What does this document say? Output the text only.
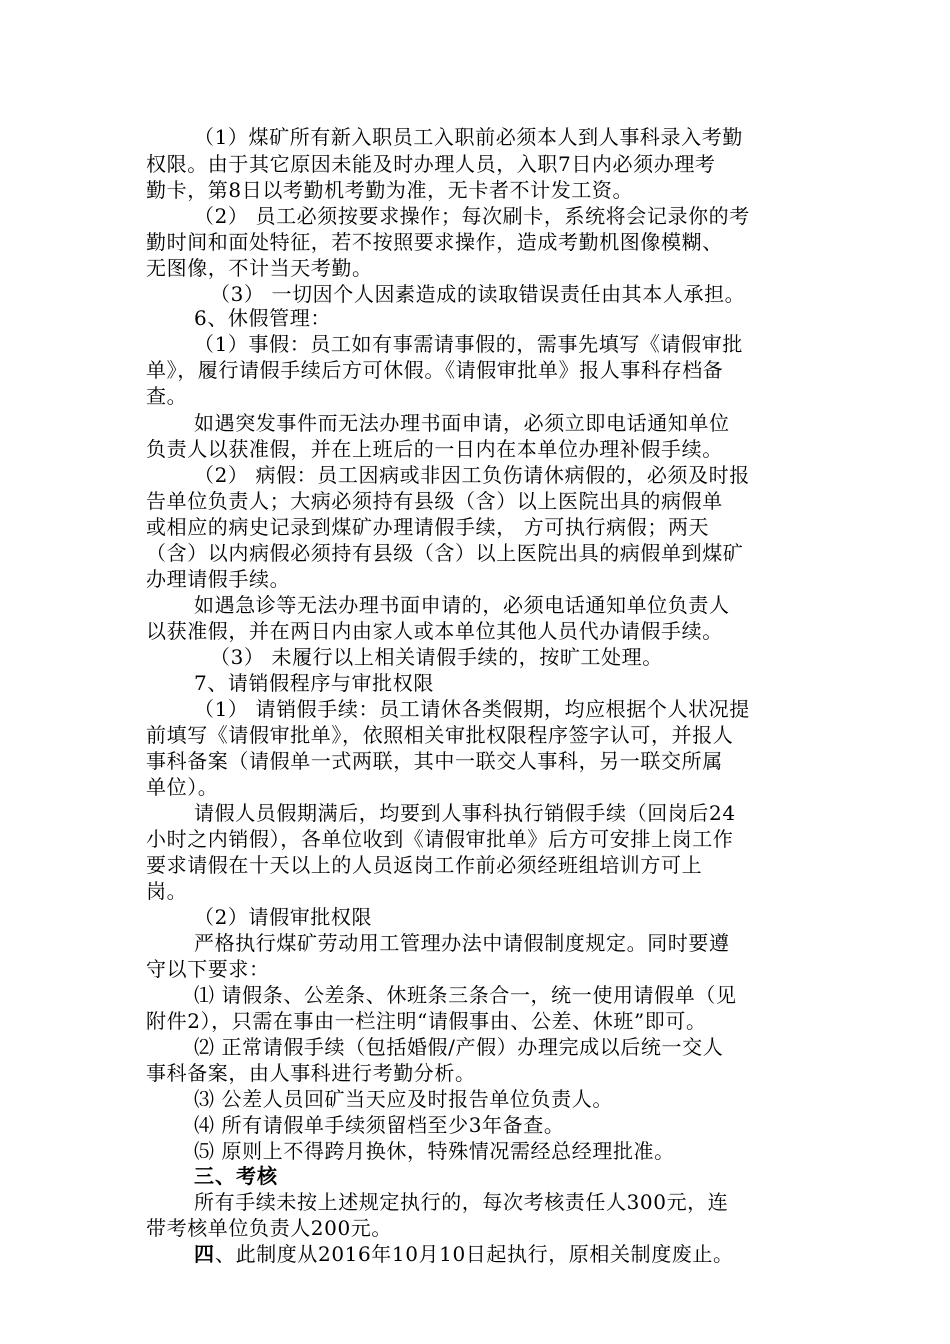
（1）煤矿所有新入职员工入职前必须本人到人事科录入考勤
权限。由于其它原因未能及时办理人员，入职7日内必须办理考
勤卡，第8日以考勤机考勤为准，无卡者不计发工资。
（2） 员工必须按要求操作；每次刷卡，系统将会记录你的考
勤时间和面处特征，若不按照要求操作，造成考勤机图像模糊、
无图像，不计当天考勤。
（3） 一切因个人因素造成的读取错误责任由其本人承担。
6、休假管理：
（1）事假：员工如有事需请事假的，需事先填写《请假审批
单》，履行请假手续后方可休假。《请假审批单》报人事科存档备
查。
如遇突发事件而无法办理书面申请，必须立即电话通知单位
负责人以获准假，并在上班后的一日内在本单位办理补假手续。
（2） 病假：员工因病或非因工负伤请休病假的，必须及时报
告单位负责人；大病必须持有县级（含）以上医院出具的病假单
或相应的病史记录到煤矿办理请假手续， 方可执行病假；两天
（含）以内病假必须持有县级（含）以上医院出具的病假单到煤矿
办理请假手续。
如遇急诊等无法办理书面申请的，必须电话通知单位负责人
以获准假，并在两日内由家人或本单位其他人员代办请假手续。
（3） 未履行以上相关请假手续的，按旷工处理。
7、请销假程序与审批权限
（1） 请销假手续：员工请休各类假期，均应根据个人状况提
前填写《请假审批单》，依照相关审批权限程序签字认可，并报人
事科备案（请假单一式两联，其中一联交人事科，另一联交所属
单位）。
请假人员假期满后，均要到人事科执行销假手续（回岗后24
小时之内销假），各单位收到《请假审批单》后方可安排上岗工作
要求请假在十天以上的人员返岗工作前必须经班组培训方可上
岗。
（2）请假审批权限
严格执行煤矿劳动用工管理办法中请假制度规定。同时要遵
守以下要求：
⑴ 请假条、公差条、休班条三条合一，统一使用请假单（见
附件2），只需在事由一栏注明“请假事由、公差、休班”即可。
⑵ 正常请假手续（包括婚假/产假）办理完成以后统一交人
事科备案，由人事科进行考勤分析。
⑶ 公差人员回矿当天应及时报告单位负责人。
⑷ 所有请假单手续须留档至少3年备查。
⑸ 原则上不得跨月换休，特殊情况需经总经理批准。
三、考核
所有手续未按上述规定执行的，每次考核责任人300元，连
带考核单位负责人200元。
四、此制度从2016年10月10日起执行，原相关制度废止。
